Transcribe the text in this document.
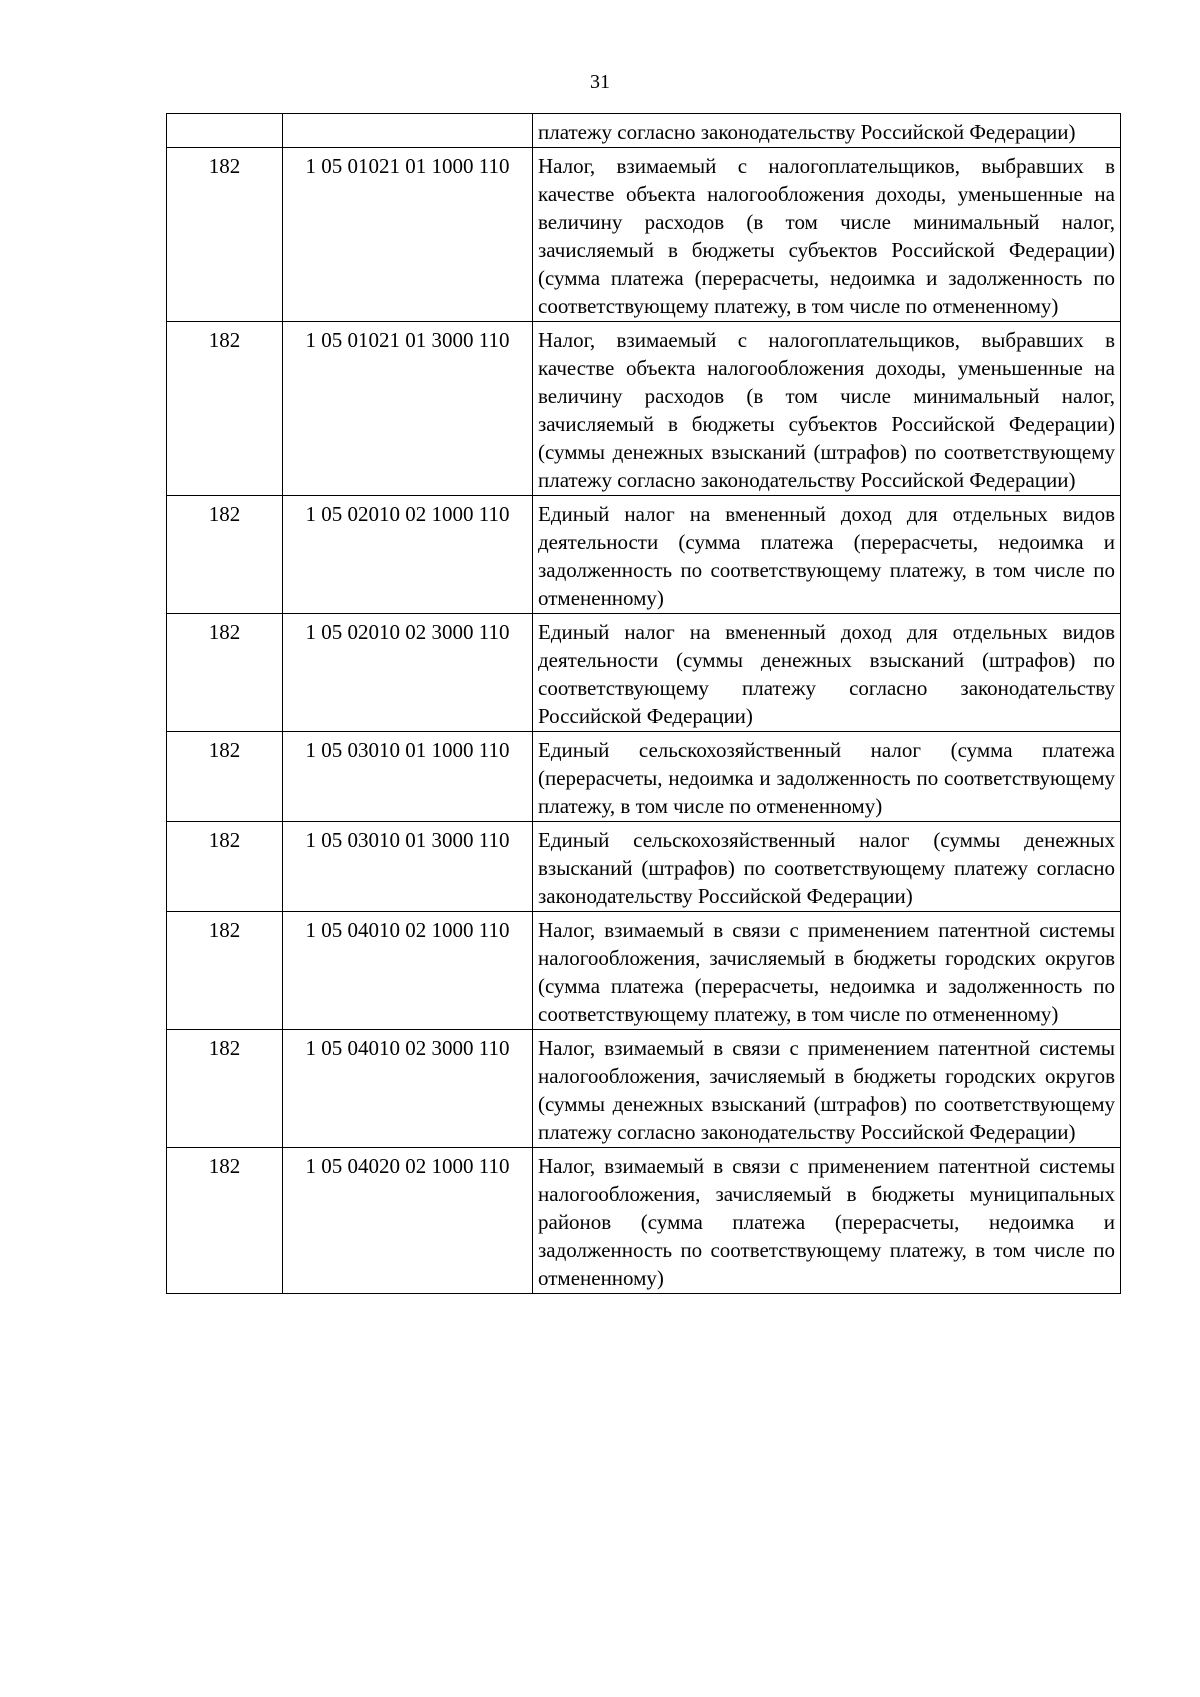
31
		платежу согласно законодательству Российской Федерации)
182	1 05 01021 01 1000 110	Налог, взимаемый с налогоплательщиков, выбравших в качестве объекта налогообложения доходы, уменьшенные на величину расходов (в том числе минимальный налог, зачисляемый в бюджеты субъектов Российской Федерации) (сумма платежа (перерасчеты, недоимка и задолженность по соответствующему платежу, в том числе по отмененному)
182	1 05 01021 01 3000 110	Налог, взимаемый с налогоплательщиков, выбравших в качестве объекта налогообложения доходы, уменьшенные на величину расходов (в том числе минимальный налог, зачисляемый в бюджеты субъектов Российской Федерации) (суммы денежных взысканий (штрафов) по соответствующему платежу согласно законодательству Российской Федерации)
182	1 05 02010 02 1000 110	Единый налог на вмененный доход для отдельных видов деятельности (сумма платежа (перерасчеты, недоимка и задолженность по соответствующему платежу, в том числе по отмененному)
182	1 05 02010 02 3000 110	Единый налог на вмененный доход для отдельных видов деятельности (суммы денежных взысканий (штрафов) по соответствующему платежу согласно законодательству Российской Федерации)
182	1 05 03010 01 1000 110	Единый сельскохозяйственный налог (сумма платежа (перерасчеты, недоимка и задолженность по соответствующему платежу, в том числе по отмененному)
182	1 05 03010 01 3000 110	Единый сельскохозяйственный налог (суммы денежных взысканий (штрафов) по соответствующему платежу согласно законодательству Российской Федерации)
182	1 05 04010 02 1000 110	Налог, взимаемый в связи с применением патентной системы налогообложения, зачисляемый в бюджеты городских округов (сумма платежа (перерасчеты, недоимка и задолженность по соответствующему платежу, в том числе по отмененному)
182	1 05 04010 02 3000 110	Налог, взимаемый в связи с применением патентной системы налогообложения, зачисляемый в бюджеты городских округов (суммы денежных взысканий (штрафов) по соответствующему платежу согласно законодательству Российской Федерации)
182	1 05 04020 02 1000 110	Налог, взимаемый в связи с применением патентной системы налогообложения, зачисляемый в бюджеты муниципальных районов (сумма платежа (перерасчеты, недоимка и задолженность по соответствующему платежу, в том числе по отмененному)
